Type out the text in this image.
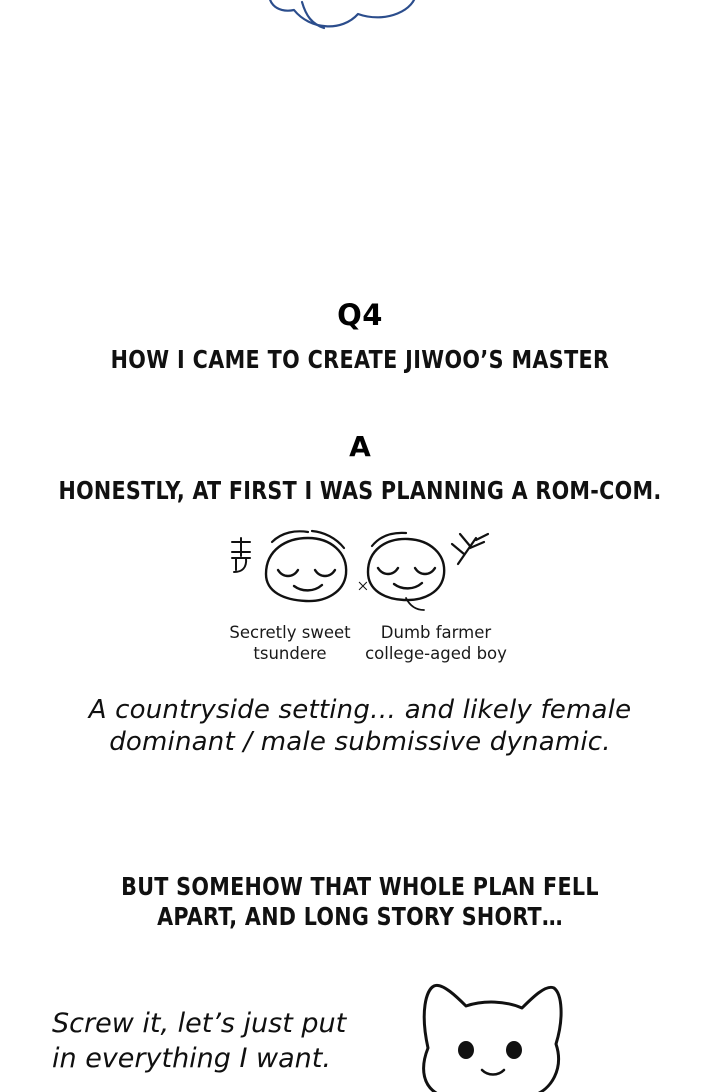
Q4
HOW I CAME TO CREATE JIWOO’S MASTER
A
HONESTLY, AT FIRST I WAS PLANNING A ROM-COM.
×
Secretly sweet
tsundere
Dumb farmer
college-aged boy
A countryside setting… and likely female
dominant / male submissive dynamic.
BUT SOMEHOW THAT WHOLE PLAN FELL
APART, AND LONG STORY SHORT…
Screw it, let’s just put
in everything I want.
